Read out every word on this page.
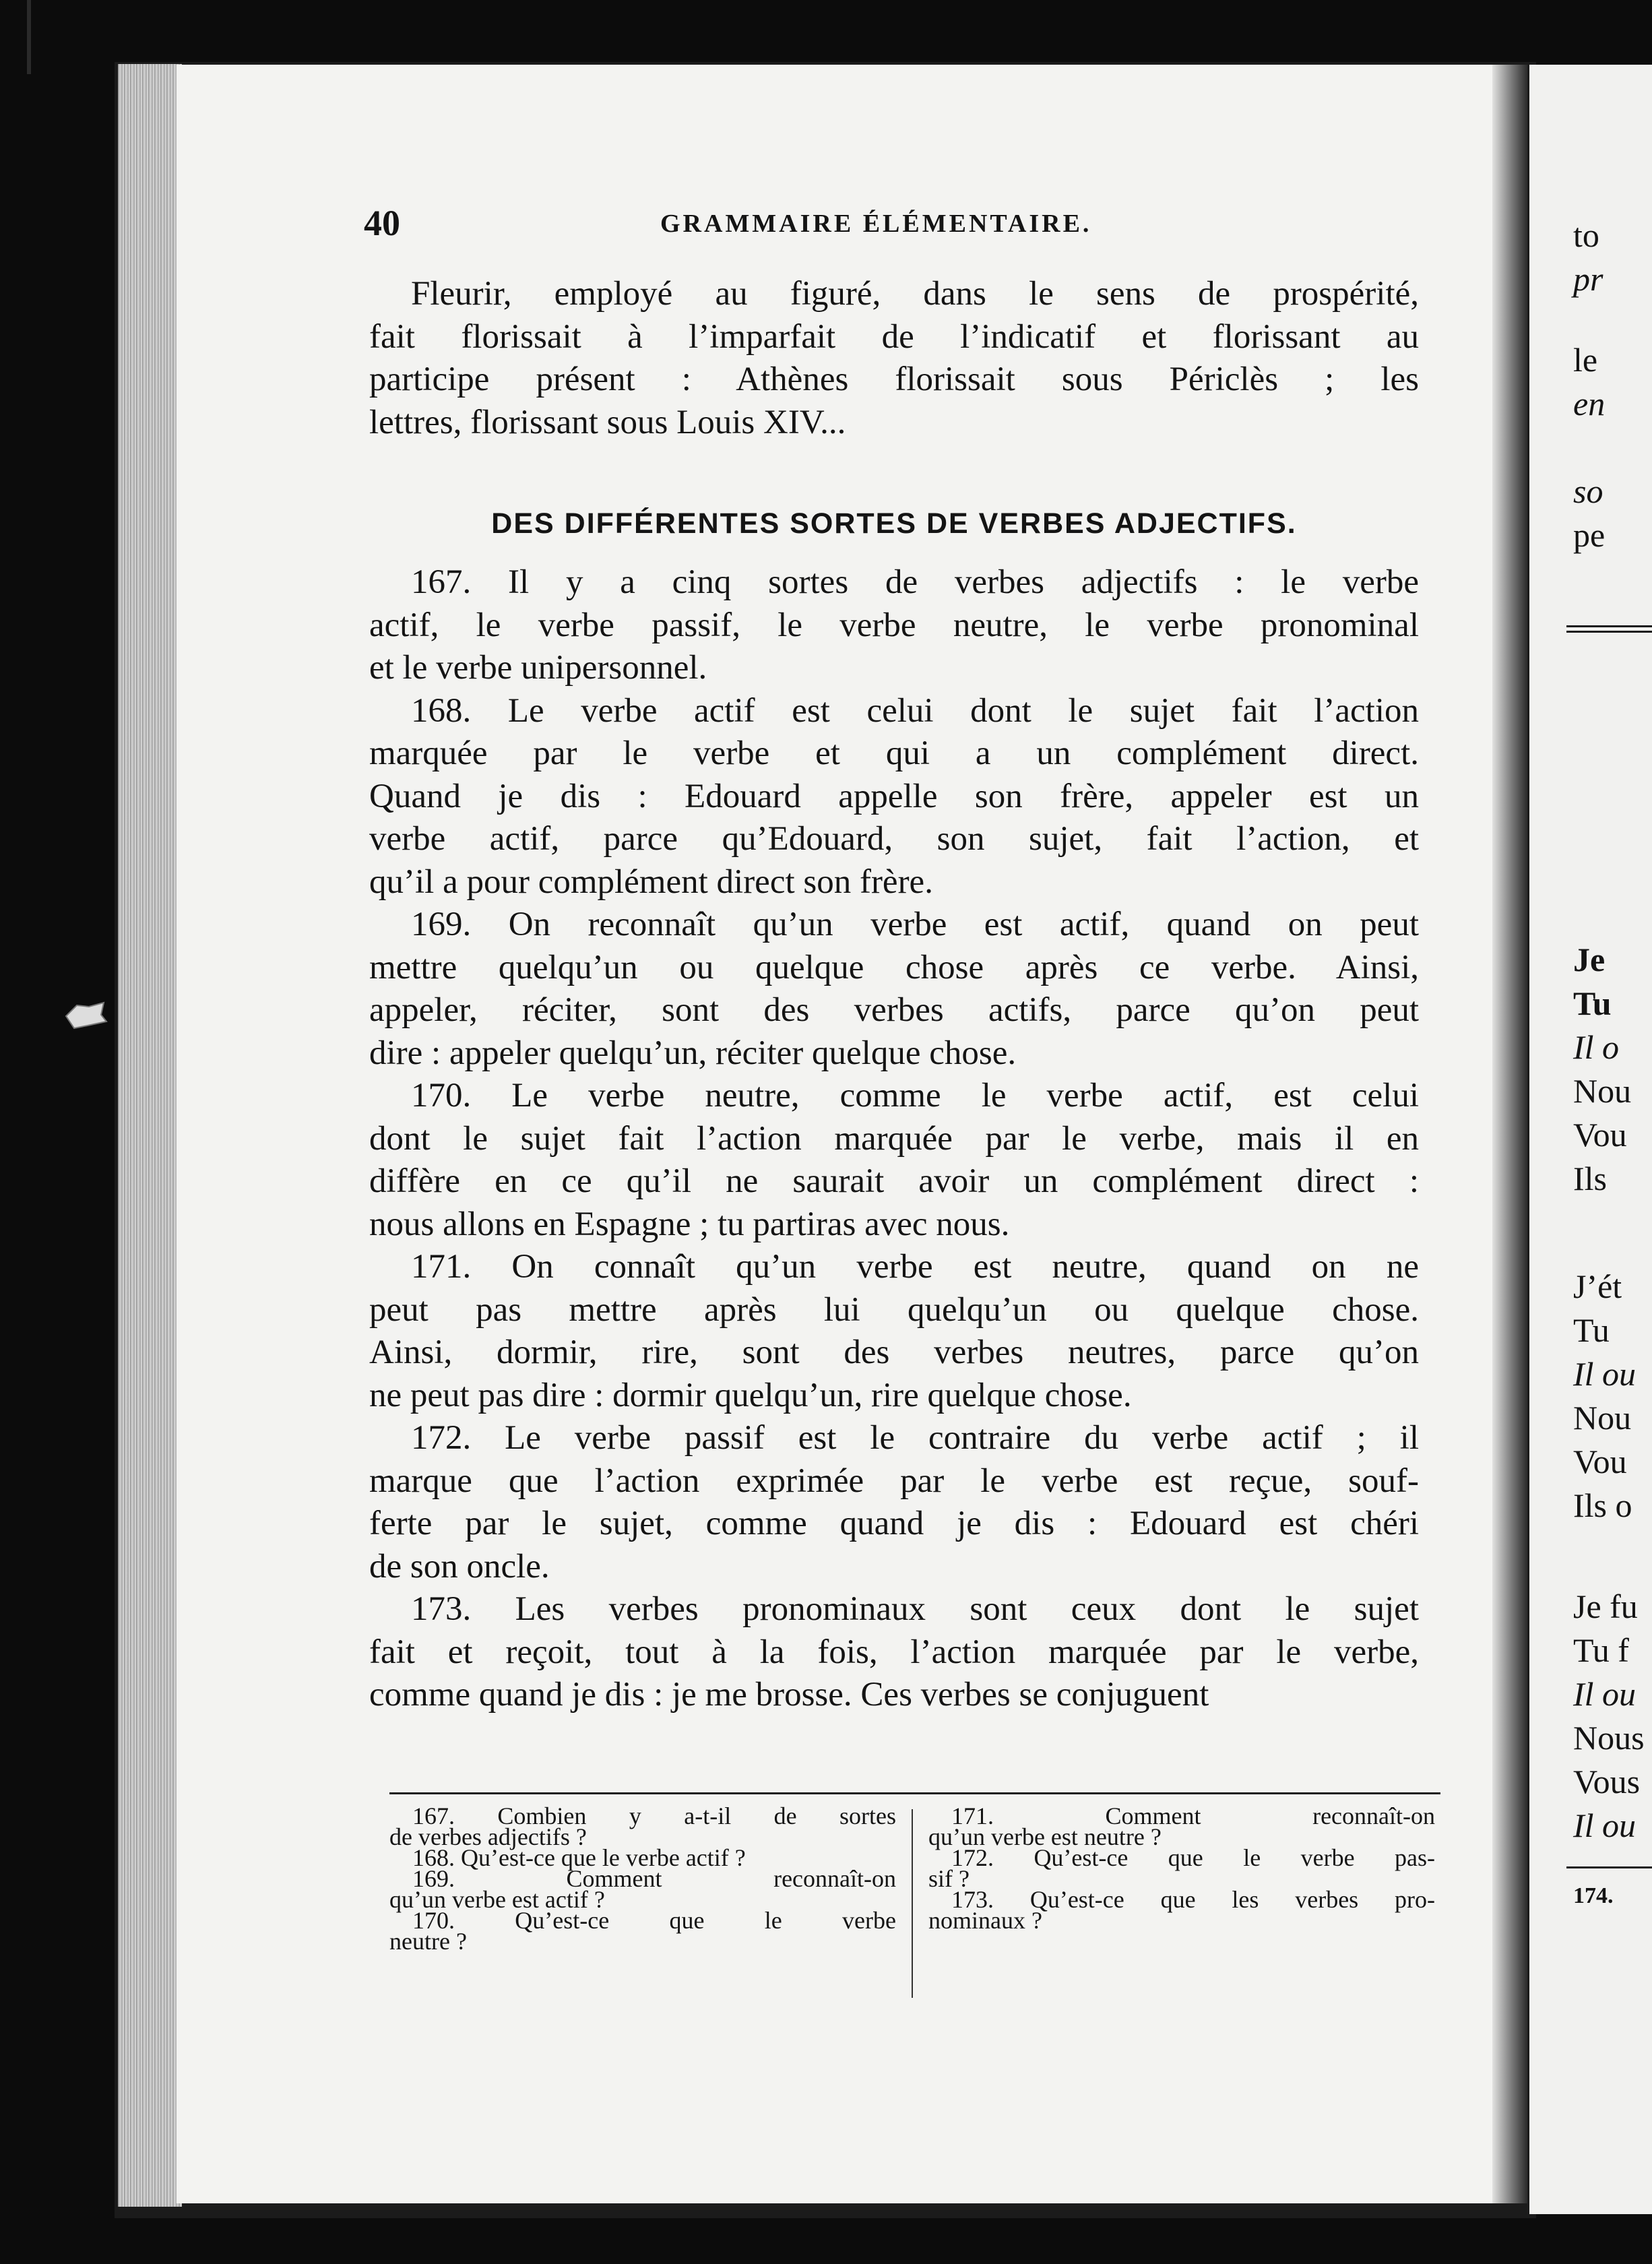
to
pr
le
en
so
pe
Je
Tu
Il o
Nou
Vou
Ils
J’ét
Tu
Il ou
Nou
Vou
Ils o
Je fu
Tu f
Il ou
Nous
Vous
Il ou
174.
40	GRAMMAIRE ÉLÉMENTAIRE.
Fleurir, employé au figuré, dans le sens de prospérité,
fait florissait à l’imparfait de l’indicatif et florissant au
participe présent : Athènes florissait sous Périclès ; les
lettres, florissant sous Louis XIV...
DES DIFFÉRENTES SORTES DE VERBES ADJECTIFS.
167. Il y a cinq sortes de verbes adjectifs : le verbe
actif, le verbe passif, le verbe neutre, le verbe pronominal
et le verbe unipersonnel.
168. Le verbe actif est celui dont le sujet fait l’action
marquée par le verbe et qui a un complément direct.
Quand je dis : Edouard appelle son frère, appeler est un
verbe actif, parce qu’Edouard, son sujet, fait l’action, et
qu’il a pour complément direct son frère.
169. On reconnaît qu’un verbe est actif, quand on peut
mettre quelqu’un ou quelque chose après ce verbe. Ainsi,
appeler, réciter, sont des verbes actifs, parce qu’on peut
dire : appeler quelqu’un, réciter quelque chose.
170. Le verbe neutre, comme le verbe actif, est celui
dont le sujet fait l’action marquée par le verbe, mais il en
diffère en ce qu’il ne saurait avoir un complément direct :
nous allons en Espagne ; tu partiras avec nous.
171. On connaît qu’un verbe est neutre, quand on ne
peut pas mettre après lui quelqu’un ou quelque chose.
Ainsi, dormir, rire, sont des verbes neutres, parce qu’on
ne peut pas dire : dormir quelqu’un, rire quelque chose.
172. Le verbe passif est le contraire du verbe actif ; il
marque que l’action exprimée par le verbe est reçue, souf-
ferte par le sujet, comme quand je dis : Edouard est chéri
de son oncle.
173. Les verbes pronominaux sont ceux dont le sujet
fait et reçoit, tout à la fois, l’action marquée par le verbe,
comme quand je dis : je me brosse. Ces verbes se conjuguent
167. Combien y a-t-il de sortes
de verbes adjectifs ?
168. Qu’est-ce que le verbe actif ?
169. Comment reconnaît-on
qu’un verbe est actif ?
170. Qu’est-ce que le verbe
neutre ?
171. Comment reconnaît-on
qu’un verbe est neutre ?
172. Qu’est-ce que le verbe pas-
sif ?
173. Qu’est-ce que les verbes pro-
nominaux ?
